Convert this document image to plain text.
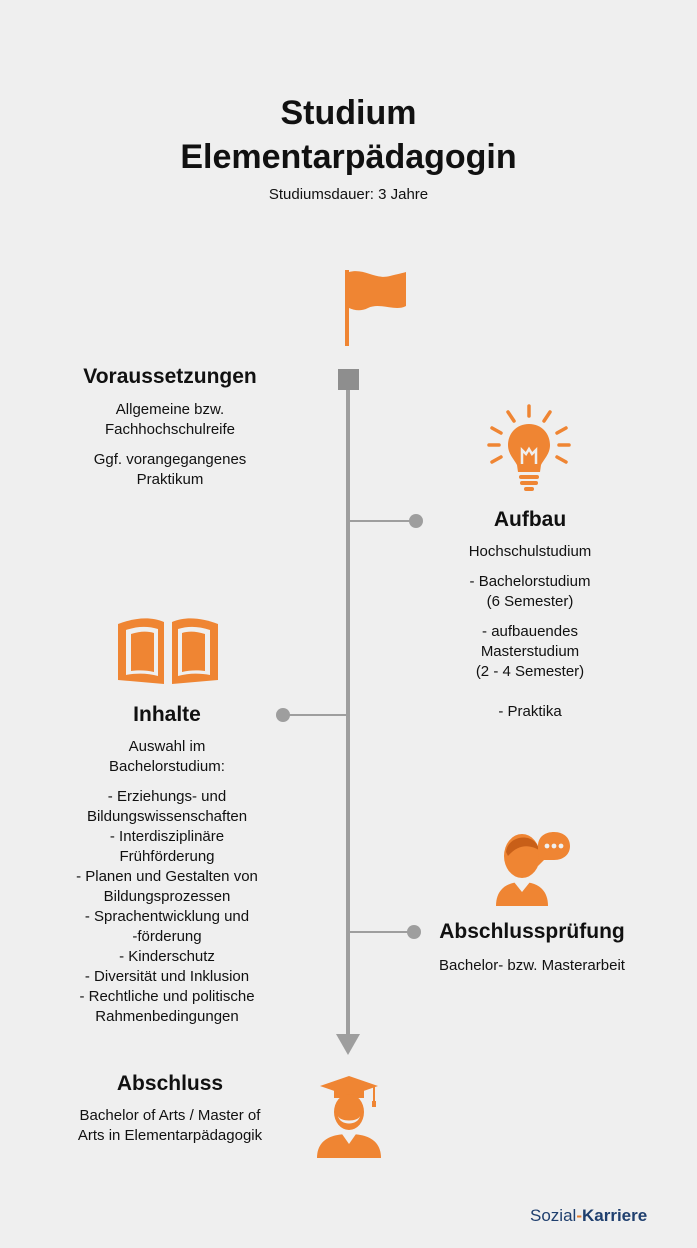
Studium
Elementarpädagogin
Studiumsdauer: 3 Jahre
Voraussetzungen

Allgemeine bzw.

Fachhochschulreife

Ggf. vorangegangenes

Praktikum

Aufbau

Hochschulstudium

- Bachelorstudium

(6 Semester)

- aufbauendes

Masterstudium

(2 - 4 Semester)

- Praktika

Inhalte

Auswahl im

Bachelorstudium:

- Erziehungs- und

Bildungswissenschaften

- Interdisziplinäre

Frühförderung

- Planen und Gestalten von

Bildungsprozessen

- Sprachentwicklung und

-förderung

- Kinderschutz

- Diversität und Inklusion

- Rechtliche und politische

Rahmenbedingungen

Abschlussprüfung

Bachelor- bzw. Masterarbeit

Abschluss

Bachelor of Arts / Master of

Arts in Elementarpädagogik

Sozial-Karriere
